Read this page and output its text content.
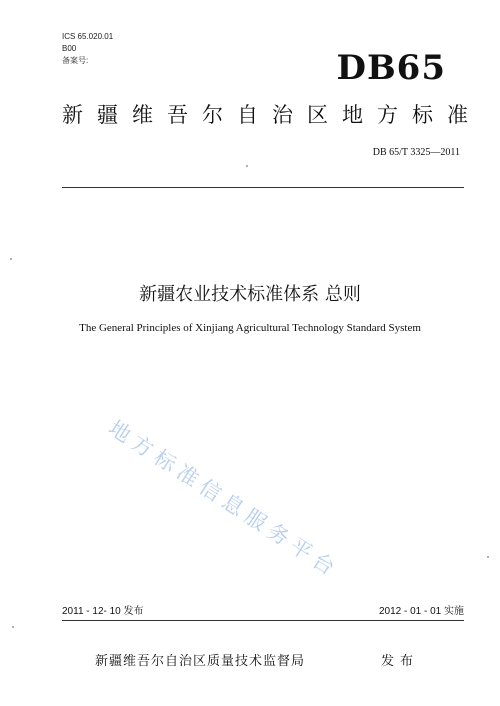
ICS 65.020.01
B00
备案号:	DB65
新 疆 维 吾 尔 自 治 区 地 方 标 准
DB 65/T 3325—2011
新疆农业技术标准体系 总则
The General Principles of Xinjiang Agricultural Technology Standard System
地方标准信息服务平台
2011 - 12- 10 发布	2012 - 01 - 01 实施
新疆维吾尔自治区质量技术监督局	发布
